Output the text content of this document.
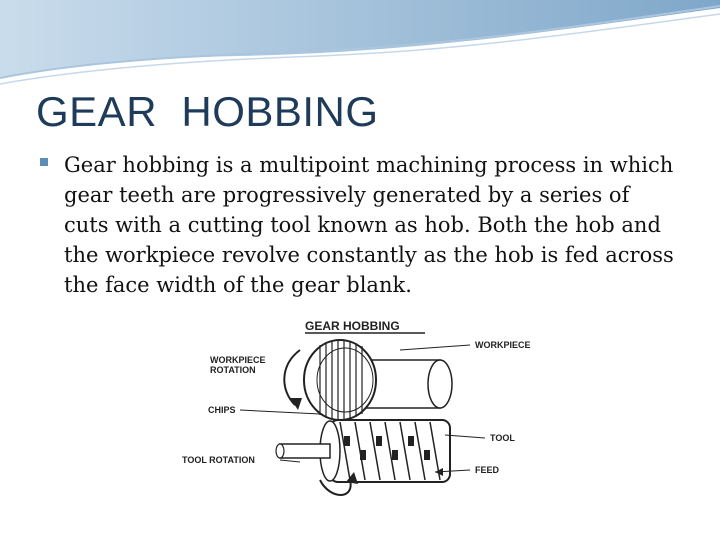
GEAR  HOBBING
Gear hobbing is a multipoint machining process in which gear teeth are progressively generated by a series of cuts with a cutting tool known as hob. Both the hob and the workpiece revolve constantly as the hob is fed across the face width of the gear blank.
GEAR HOBBING
WORKPIECE
ROTATION
WORKPIECE
CHIPS
TOOL
TOOL ROTATION
FEED
